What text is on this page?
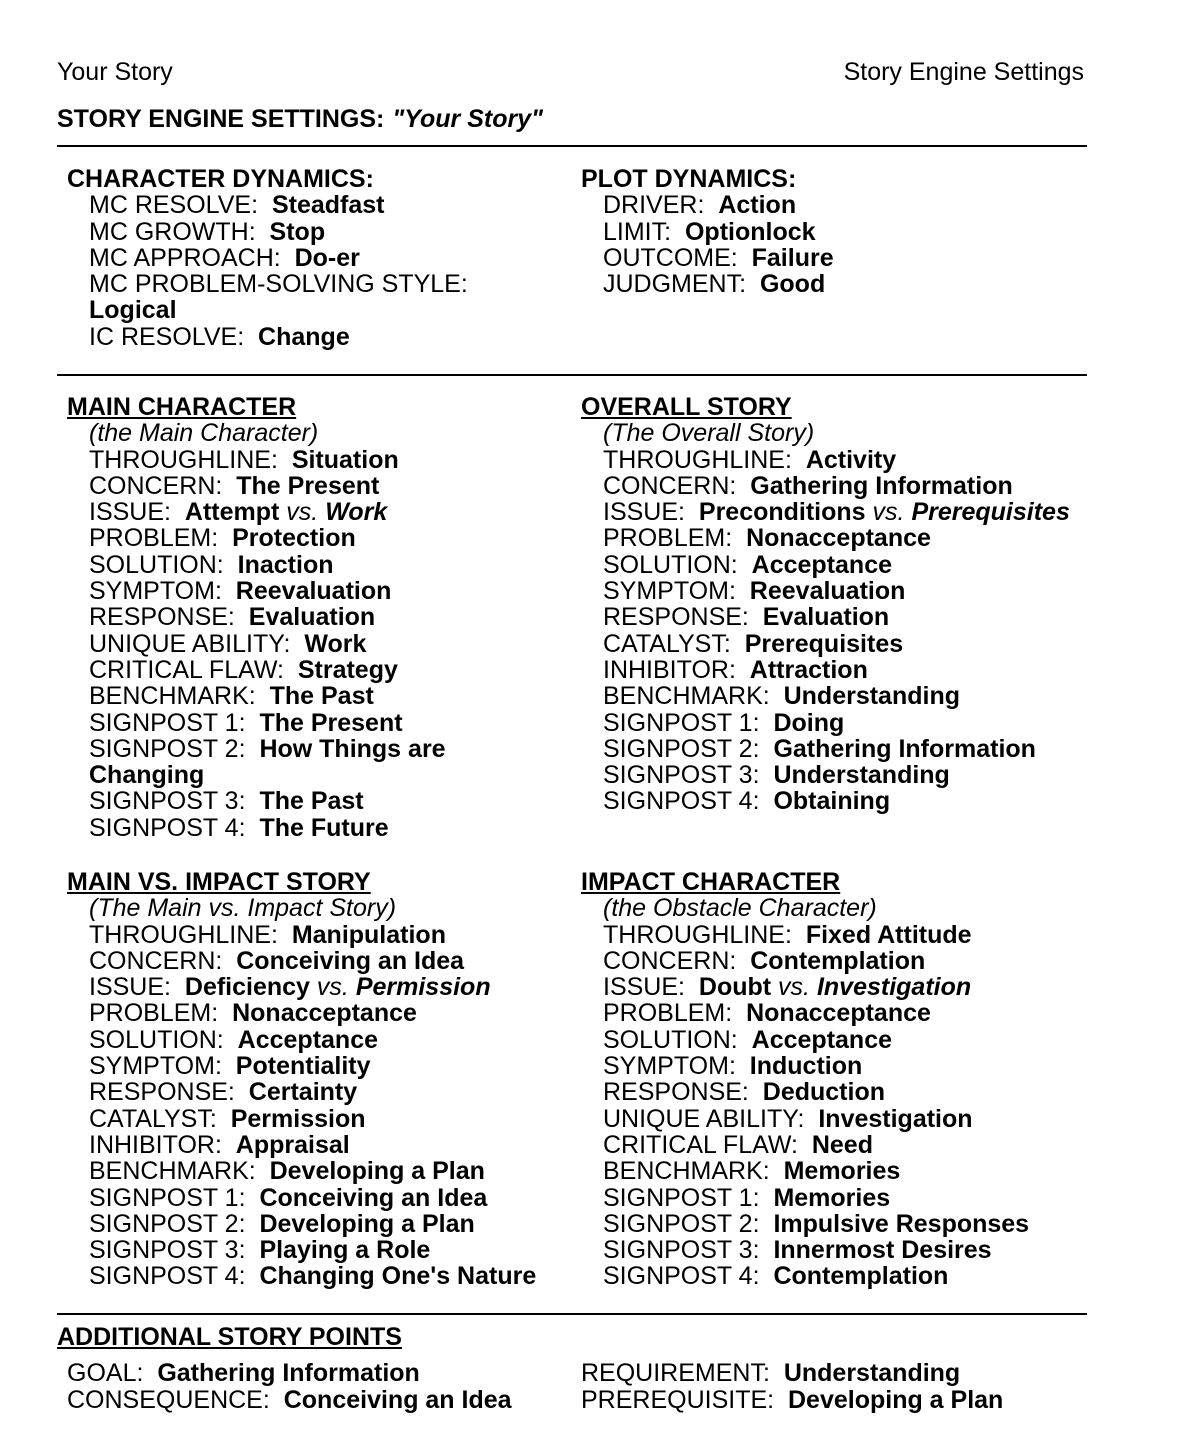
Your Story	Story Engine Settings
STORY ENGINE SETTINGS: "Your Story"
CHARACTER DYNAMICS:
MC RESOLVE: Steadfast
MC GROWTH: Stop
MC APPROACH: Do-er
MC PROBLEM-SOLVING STYLE:  Logical
IC RESOLVE: Change
PLOT DYNAMICS:
DRIVER: Action
LIMIT: Optionlock
OUTCOME: Failure
JUDGMENT: Good
MAIN CHARACTER
(the Main Character)
THROUGHLINE: Situation
CONCERN: The Present
ISSUE: Attempt vs. Work
PROBLEM: Protection
SOLUTION: Inaction
SYMPTOM: Reevaluation
RESPONSE: Evaluation
UNIQUE ABILITY: Work
CRITICAL FLAW: Strategy
BENCHMARK: The Past
SIGNPOST 1: The Present
SIGNPOST 2: How Things are Changing
SIGNPOST 3: The Past
SIGNPOST 4: The Future
OVERALL STORY
(The Overall Story)
THROUGHLINE: Activity
CONCERN: Gathering Information
ISSUE: Preconditions vs. Prerequisites
PROBLEM: Nonacceptance
SOLUTION: Acceptance
SYMPTOM: Reevaluation
RESPONSE: Evaluation
CATALYST: Prerequisites
INHIBITOR: Attraction
BENCHMARK: Understanding
SIGNPOST 1: Doing
SIGNPOST 2: Gathering Information
SIGNPOST 3: Understanding
SIGNPOST 4: Obtaining
MAIN VS. IMPACT STORY
(The Main vs. Impact Story)
THROUGHLINE: Manipulation
CONCERN: Conceiving an Idea
ISSUE: Deficiency vs. Permission
PROBLEM: Nonacceptance
SOLUTION: Acceptance
SYMPTOM: Potentiality
RESPONSE: Certainty
CATALYST: Permission
INHIBITOR: Appraisal
BENCHMARK: Developing a Plan
SIGNPOST 1: Conceiving an Idea
SIGNPOST 2: Developing a Plan
SIGNPOST 3: Playing a Role
SIGNPOST 4: Changing One's Nature
IMPACT CHARACTER
(the Obstacle Character)
THROUGHLINE: Fixed Attitude
CONCERN: Contemplation
ISSUE: Doubt vs. Investigation
PROBLEM: Nonacceptance
SOLUTION: Acceptance
SYMPTOM: Induction
RESPONSE: Deduction
UNIQUE ABILITY: Investigation
CRITICAL FLAW: Need
BENCHMARK: Memories
SIGNPOST 1: Memories
SIGNPOST 2: Impulsive Responses
SIGNPOST 3: Innermost Desires
SIGNPOST 4: Contemplation
ADDITIONAL STORY POINTS
GOAL: Gathering Information
CONSEQUENCE: Conceiving an Idea
REQUIREMENT: Understanding
PREREQUISITE: Developing a Plan
